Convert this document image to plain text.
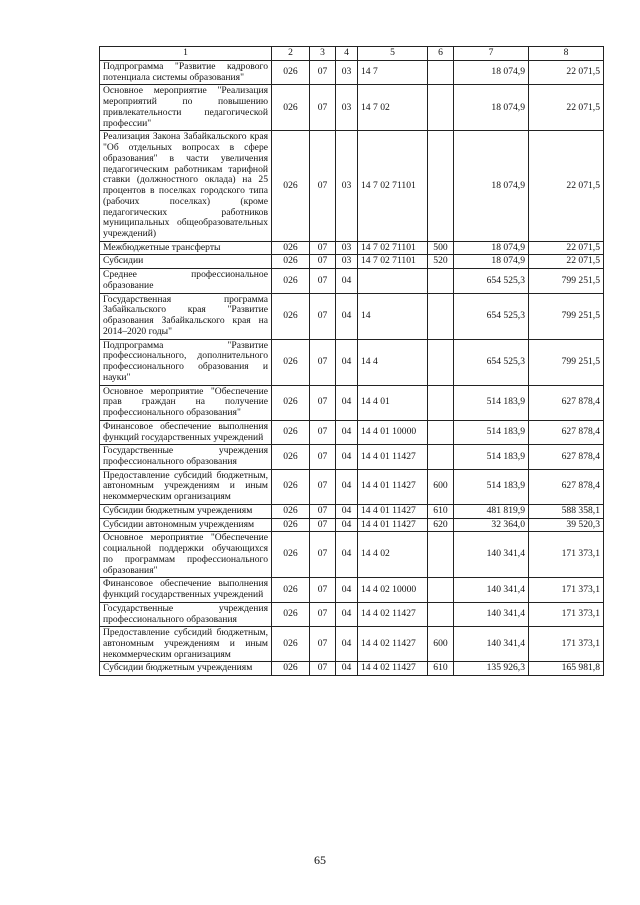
1	2	3	4	5	6	7	8
Подпрограмма "Развитие кадрового потенциала системы образования"	026	07	03	14 7		18 074,9	22 071,5
Основное мероприятие "Реализация мероприятий по повышению привлекательности педагогической профессии"	026	07	03	14 7 02		18 074,9	22 071,5
Реализация Закона Забайкальского края "Об отдельных вопросах в сфере образования" в части увеличения педагогическим работникам тарифной ставки (должностного оклада) на 25 процентов в поселках городского типа (рабочих поселках) (кроме педагогических работников муниципальных общеобразовательных учреждений)	026	07	03	14 7 02 71101		18 074,9	22 071,5
Межбюджетные трансферты	026	07	03	14 7 02 71101	500	18 074,9	22 071,5
Субсидии	026	07	03	14 7 02 71101	520	18 074,9	22 071,5
Среднее профессиональное образование	026	07	04			654 525,3	799 251,5
Государственная программа Забайкальского края "Развитие образования Забайкальского края на 2014–2020 годы"	026	07	04	14		654 525,3	799 251,5
Подпрограмма "Развитие профессионального, дополнительного профессионального образования и науки"	026	07	04	14 4		654 525,3	799 251,5
Основное мероприятие "Обеспечение прав граждан на получение профессионального образования"	026	07	04	14 4 01		514 183,9	627 878,4
Финансовое обеспечение выполнения функций государственных учреждений	026	07	04	14 4 01 10000		514 183,9	627 878,4
Государственные учреждения профессионального образования	026	07	04	14 4 01 11427		514 183,9	627 878,4
Предоставление субсидий бюджетным, автономным учреждениям и иным некоммерческим организациям	026	07	04	14 4 01 11427	600	514 183,9	627 878,4
Субсидии бюджетным учреждениям	026	07	04	14 4 01 11427	610	481 819,9	588 358,1
Субсидии автономным учреждениям	026	07	04	14 4 01 11427	620	32 364,0	39 520,3
Основное мероприятие "Обеспечение социальной поддержки обучающихся по программам профессионального образования"	026	07	04	14 4 02		140 341,4	171 373,1
Финансовое обеспечение выполнения функций государственных учреждений	026	07	04	14 4 02 10000		140 341,4	171 373,1
Государственные учреждения профессионального образования	026	07	04	14 4 02 11427		140 341,4	171 373,1
Предоставление субсидий бюджетным, автономным учреждениям и иным некоммерческим организациям	026	07	04	14 4 02 11427	600	140 341,4	171 373,1
Субсидии бюджетным учреждениям	026	07	04	14 4 02 11427	610	135 926,3	165 981,8
65
